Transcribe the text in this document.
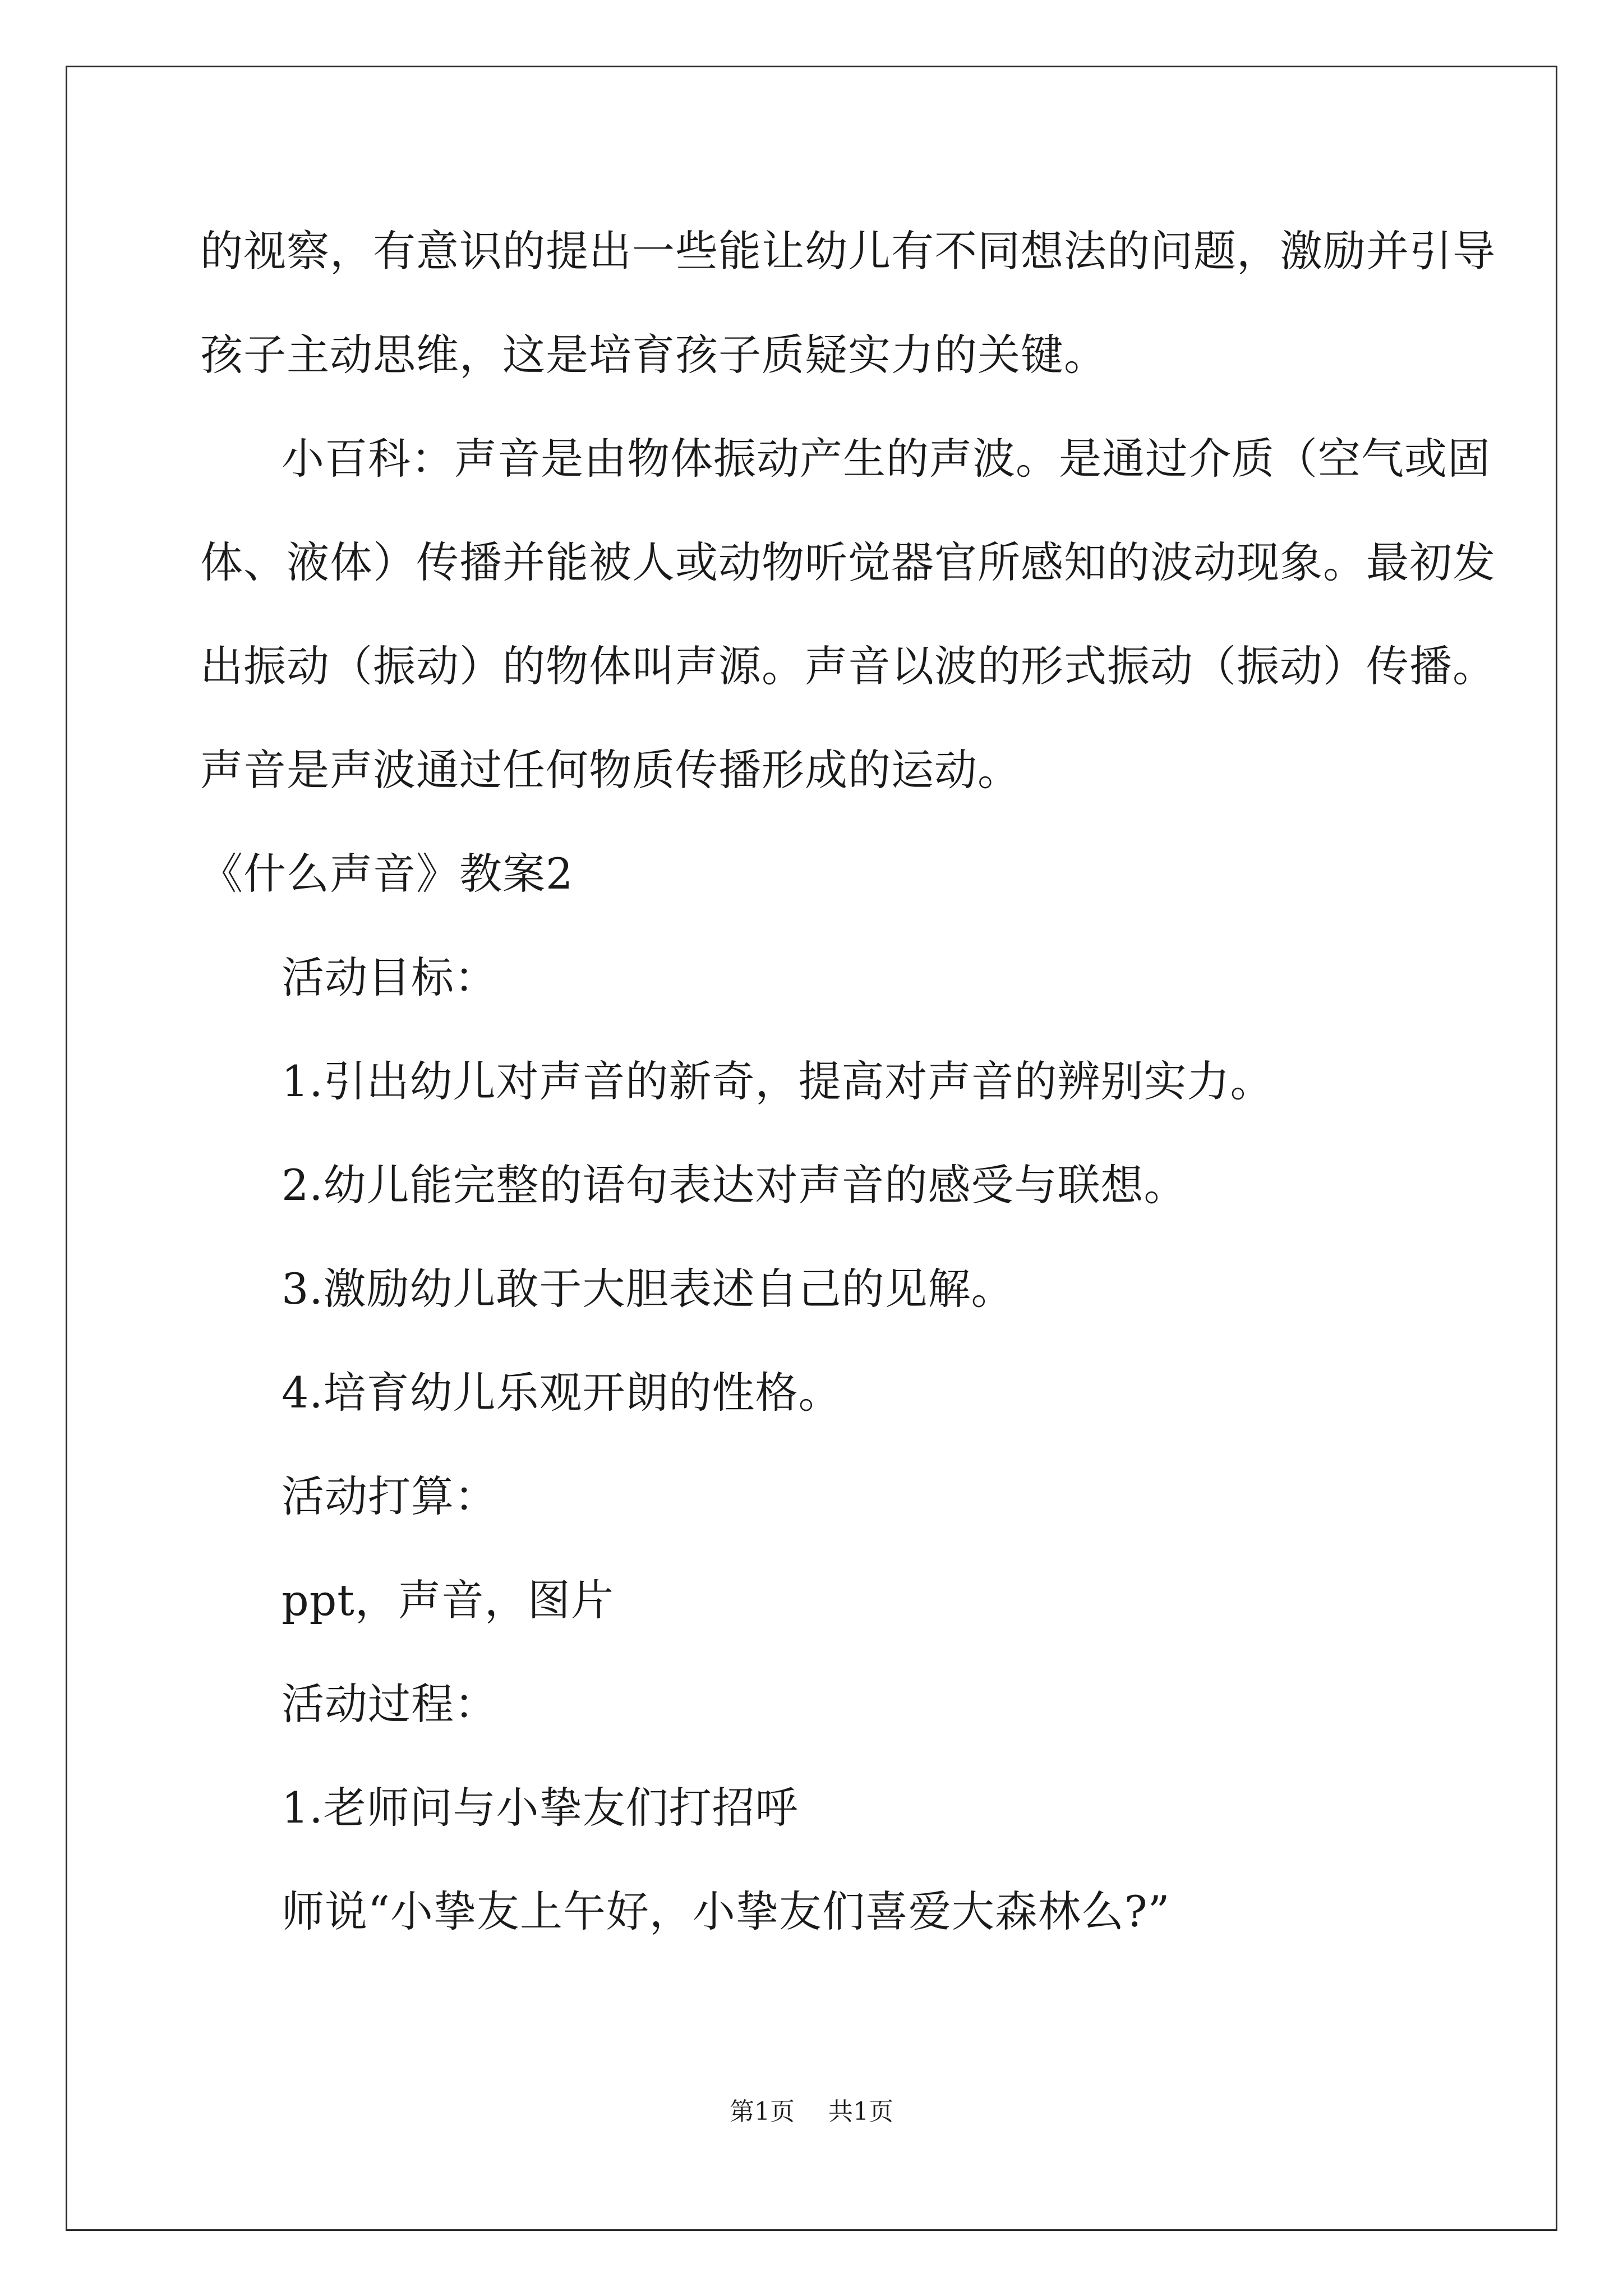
的视察，有意识的提出一些能让幼儿有不同想法的问题，激励并引导
孩子主动思维，这是培育孩子质疑实力的关键。
小百科：声音是由物体振动产生的声波。是通过介质（空气或固
体、液体）传播并能被人或动物听觉器官所感知的波动现象。最初发
出振动（振动）的物体叫声源。声音以波的形式振动（振动）传播。
声音是声波通过任何物质传播形成的运动。
《什么声音》教案2
活动目标：
1.引出幼儿对声音的新奇，提高对声音的辨别实力。
2.幼儿能完整的语句表达对声音的感受与联想。
3.激励幼儿敢于大胆表述自己的见解。
4.培育幼儿乐观开朗的性格。
活动打算：
ppt，声音，图片
活动过程：
1.老师问与小挚友们打招呼
师说“小挚友上午好，小挚友们喜爱大森林么?”
第1页 共1页
